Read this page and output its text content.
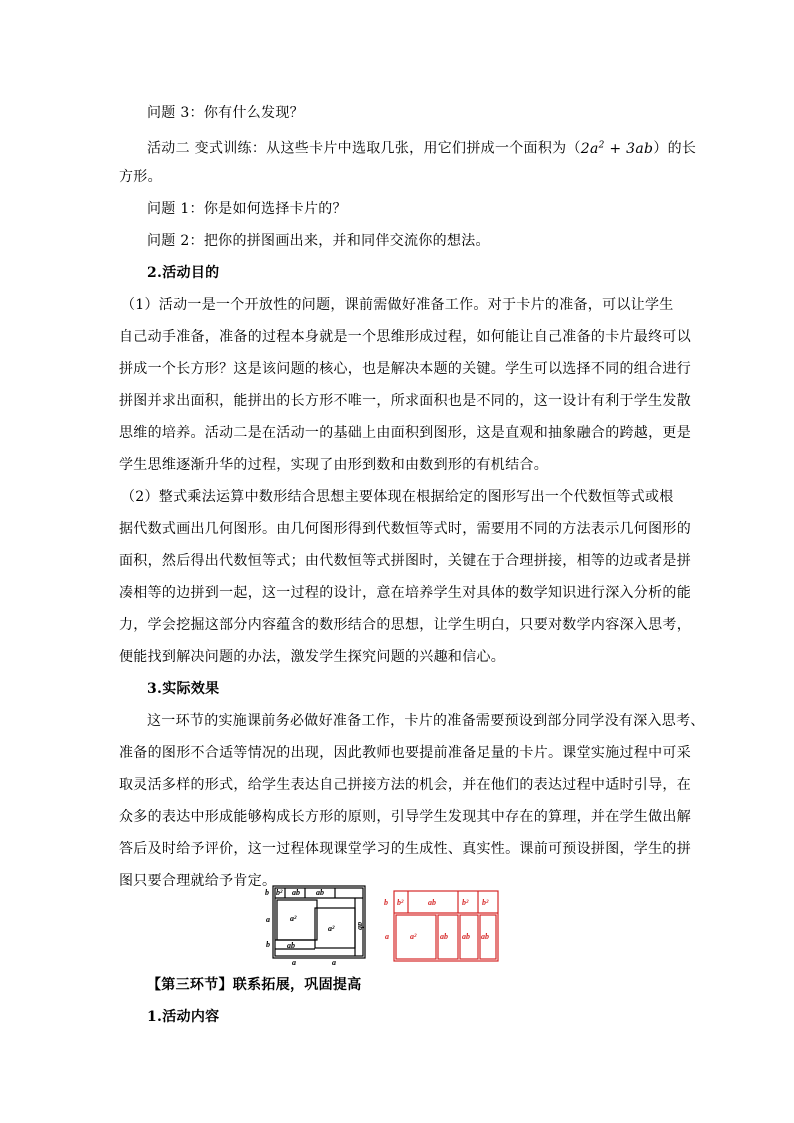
问题 3：你有什么发现？
活动二 变式训练：从这些卡片中选取几张，用它们拼成一个面积为$(2a^2 + 3ab)$的长
方形。
问题 1：你是如何选择卡片的？
问题 2：把你的拼图画出来，并和同伴交流你的想法。
2.活动目的
（1）活动一是一个开放性的问题，课前需做好准备工作。对于卡片的准备，可以让学生
自己动手准备，准备的过程本身就是一个思维形成过程，如何能让自己准备的卡片最终可以
拼成一个长方形？这是该问题的核心，也是解决本题的关键。学生可以选择不同的组合进行
拼图并求出面积，能拼出的长方形不唯一，所求面积也是不同的，这一设计有利于学生发散
思维的培养。活动二是在活动一的基础上由面积到图形，这是直观和抽象融合的跨越，更是
学生思维逐渐升华的过程，实现了由形到数和由数到形的有机结合。
（2）整式乘法运算中数形结合思想主要体现在根据给定的图形写出一个代数恒等式或根
据代数式画出几何图形。由几何图形得到代数恒等式时，需要用不同的方法表示几何图形的
面积，然后得出代数恒等式；由代数恒等式拼图时，关键在于合理拼接，相等的边或者是拼
凑相等的边拼到一起，这一过程的设计，意在培养学生对具体的数学知识进行深入分析的能
力，学会挖掘这部分内容蕴含的数形结合的思想，让学生明白，只要对数学内容深入思考，
便能找到解决问题的办法，激发学生探究问题的兴趣和信心。
3.实际效果
这一环节的实施课前务必做好准备工作，卡片的准备需要预设到部分同学没有深入思考、
准备的图形不合适等情况的出现，因此教师也要提前准备足量的卡片。课堂实施过程中可采
取灵活多样的形式，给学生表达自己拼接方法的机会，并在他们的表达过程中适时引导，在
众多的表达中形成能够构成长方形的原则，引导学生发现其中存在的算理，并在学生做出解
答后及时给予评价，这一过程体现课堂学习的生成性、真实性。课前可预设拼图，学生的拼
图只要合理就给予肯定。
b b² ab ab
a	a²
a²
ab
b
ab
a	a
b b²	ab	b² b²
a	a²	ab ab ab
【第三环节】联系拓展，巩固提高
1.活动内容
